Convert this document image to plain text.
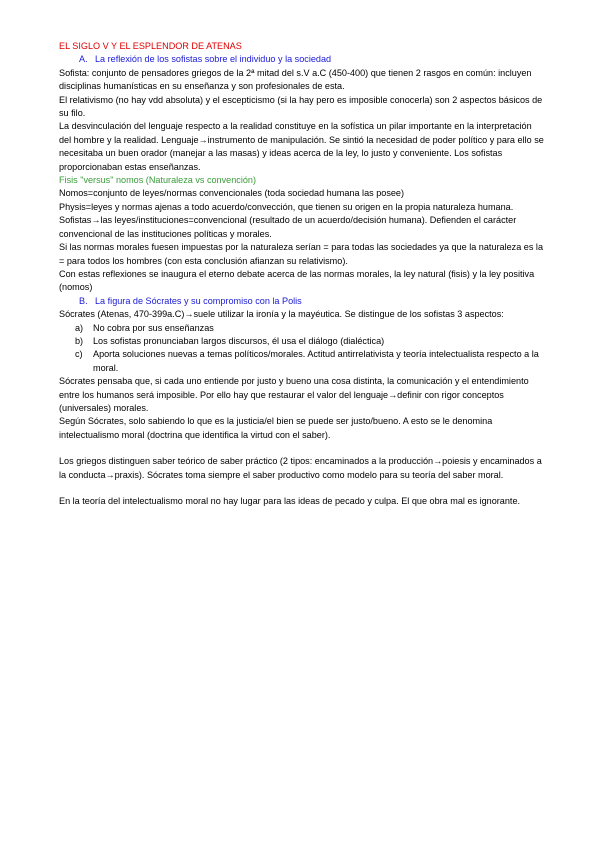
EL SIGLO V Y EL ESPLENDOR DE ATENAS

A. La reflexión de los sofistas sobre el individuo y la sociedad

Sofista: conjunto de pensadores griegos de la 2ª mitad del s.V a.C (450-400) que tienen 2 rasgos en común: incluyen disciplinas humanísticas en su enseñanza y son profesionales de esta.

El relativismo (no hay vdd absoluta) y el escepticismo (si la hay pero es imposible conocerla) son 2 aspectos básicos de su filo.

La desvinculación del lenguaje respecto a la realidad constituye en la sofística un pilar importante en la interpretación del hombre y la realidad. Lenguaje→instrumento de manipulación. Se sintió la necesidad de poder político y para ello se necesitaba un buen orador (manejar a las masas) y ideas acerca de la ley, lo justo y conveniente. Los sofistas proporcionaban estas enseñanzas.

Fisis "versus" nomos (Naturaleza vs convención)

Nomos=conjunto de leyes/normas convencionales (toda sociedad humana las posee)

Physis=leyes y normas ajenas a todo acuerdo/convección, que tienen su origen en la propia naturaleza humana.

Sofistas→las leyes/instituciones=convencional (resultado de un acuerdo/decisión humana). Defienden el carácter convencional de las instituciones políticas y morales.

Si las normas morales fuesen impuestas por la naturaleza serían = para todas las sociedades ya que la naturaleza es la = para todos los hombres (con esta conclusión afianzan su relativismo).

Con estas reflexiones se inaugura el eterno debate acerca de las normas morales, la ley natural (fisis) y la ley positiva (nomos)

B. La figura de Sócrates y su compromiso con la Polis

Sócrates (Atenas, 470-399a.C)→suele utilizar la ironía y la mayéutica. Se distingue de los sofistas 3 aspectos:

a) No cobra por sus enseñanzas
b) Los sofistas pronunciaban largos discursos, él usa el diálogo (dialéctica)
c) Aporta soluciones nuevas a temas políticos/morales. Actitud antirrelativista y teoría intelectualista respecto a la moral.

Sócrates pensaba que, si cada uno entiende por justo y bueno una cosa distinta, la comunicación y el entendimiento entre los humanos será imposible. Por ello hay que restaurar el valor del lenguaje→definir con rigor conceptos (universales) morales.

Según Sócrates, solo sabiendo lo que es la justicia/el bien se puede ser justo/bueno. A esto se le denomina intelectualismo moral (doctrina que identifica la virtud con el saber).

Los griegos distinguen saber teórico de saber práctico (2 tipos: encaminados a la producción→poiesis y encaminados a la conducta→praxis). Sócrates toma siempre el saber productivo como modelo para su teoría del saber moral.

En la teoría del intelectualismo moral no hay lugar para las ideas de pecado y culpa. El que obra mal es ignorante.
